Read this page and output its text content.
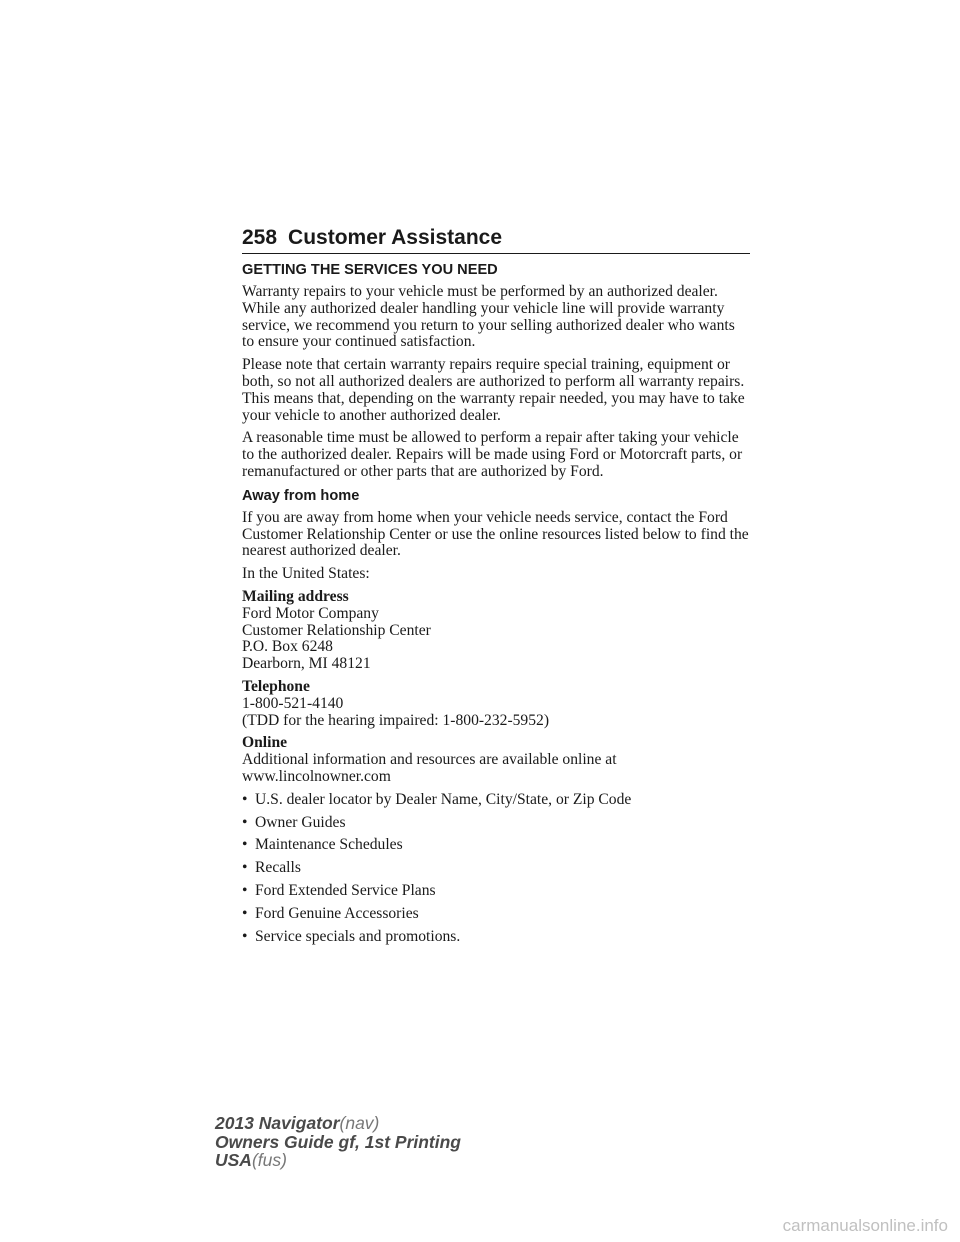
258 Customer Assistance
GETTING THE SERVICES YOU NEED

Warranty repairs to your vehicle must be performed by an authorized dealer. While any authorized dealer handling your vehicle line will provide warranty service, we recommend you return to your selling authorized dealer who wants to ensure your continued satisfaction.

Please note that certain warranty repairs require special training, equipment or both, so not all authorized dealers are authorized to perform all warranty repairs. This means that, depending on the warranty repair needed, you may have to take your vehicle to another authorized dealer.

A reasonable time must be allowed to perform a repair after taking your vehicle to the authorized dealer. Repairs will be made using Ford or Motorcraft parts, or remanufactured or other parts that are authorized by Ford.

Away from home

If you are away from home when your vehicle needs service, contact the Ford Customer Relationship Center or use the online resources listed below to find the nearest authorized dealer.

In the United States:

Mailing address
Ford Motor Company
Customer Relationship Center
P.O. Box 6248
Dearborn, MI 48121
Telephone
1-800-521-4140
(TDD for the hearing impaired: 1-800-232-5952)
Online
Additional information and resources are available online at
www.lincolnowner.com
• U.S. dealer locator by Dealer Name, City/State, or Zip Code
• Owner Guides
• Maintenance Schedules
• Recalls
• Ford Extended Service Plans
• Ford Genuine Accessories
• Service specials and promotions.
2013 Navigator(nav)
Owners Guide gf, 1st Printing
USA(fus)
carmanualsonline.info
